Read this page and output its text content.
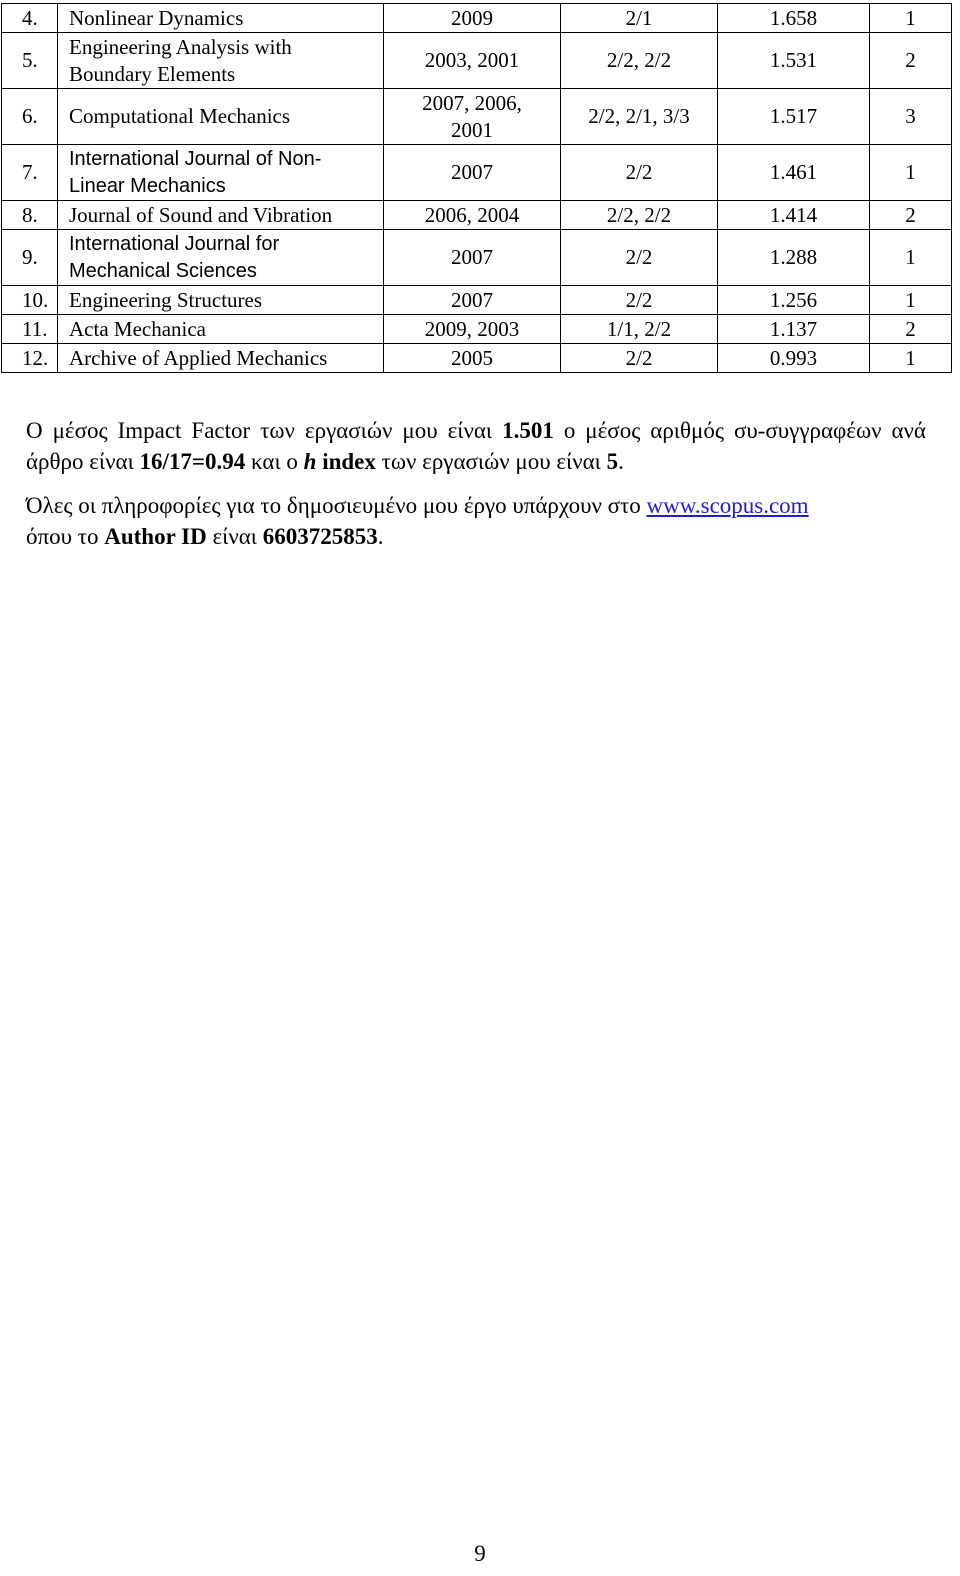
4.	Nonlinear Dynamics	2009	2/1	1.658	1
5.	Engineering Analysis with
Boundary Elements	2003, 2001	2/2, 2/2	1.531	2
6.	Computational Mechanics	2007, 2006,
2001	2/2, 2/1, 3/3	1.517	3
7.	International Journal of Non-
Linear Mechanics	2007	2/2	1.461	1
8.	Journal of Sound and Vibration	2006, 2004	2/2, 2/2	1.414	2
9.	International Journal for
Mechanical Sciences	2007	2/2	1.288	1
10.	Engineering Structures	2007	2/2	1.256	1
11.	Acta Mechanica	2009, 2003	1/1, 2/2	1.137	2
12.	Archive of Applied Mechanics	2005	2/2	0.993	1

Ο μέσος Impact Factor των εργασιών μου είναι 1.501 ο μέσος αριθμός συ-συγγραφέων ανά άρθρο είναι 16/17=0.94 και ο h index των εργασιών μου είναι 5.

Όλες οι πληροφορίες για το δημοσιευμένο μου έργο υπάρχουν στο www.scopus.com
όπου το Author ID είναι 6603725853.

9
